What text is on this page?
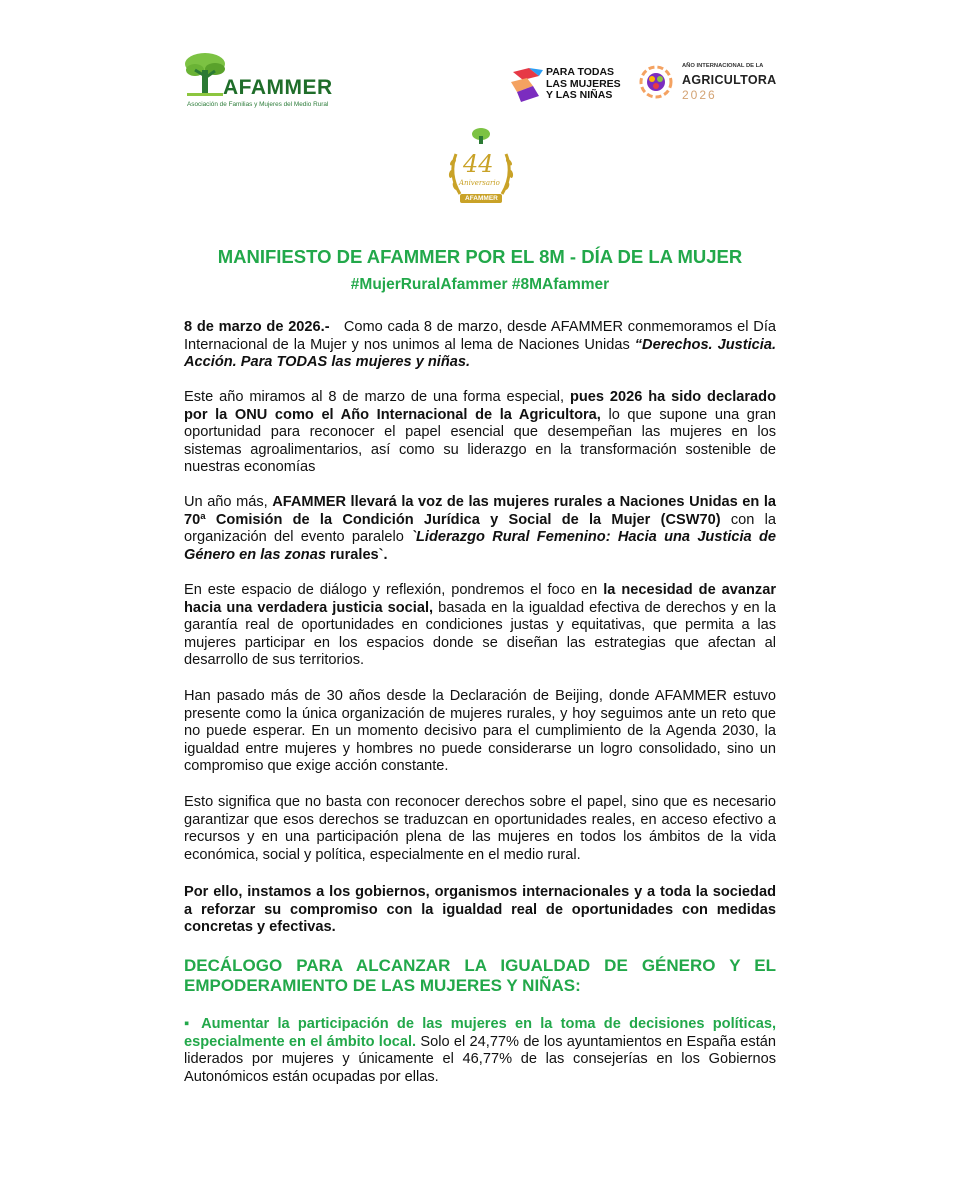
AFAMMER
Asociación de Familias y Mujeres del Medio Rural
PARA TODAS
LAS MUJERES
Y LAS NIÑAS
AÑO INTERNACIONAL DE LA
AGRICULTORA
2026
44
Aniversario
AFAMMER
MANIFIESTO DE AFAMMER POR EL 8M - DÍA DE LA MUJER
#MujerRuralAfammer #8MAfammer
8 de marzo de 2026.-   Como cada 8 de marzo, desde AFAMMER conmemoramos el Día Internacional de la Mujer y nos unimos al lema de Naciones Unidas “Derechos. Justicia. Acción. Para TODAS las mujeres y niñas.
Este año miramos al 8 de marzo de una forma especial, pues 2026 ha sido declarado por la ONU como el Año Internacional de la Agricultora, lo que supone una gran oportunidad para reconocer el papel esencial que desempeñan las mujeres en los sistemas agroalimentarios, así como su liderazgo en la transformación sostenible de nuestras economías
Un año más, AFAMMER llevará la voz de las mujeres rurales a Naciones Unidas en la 70ª Comisión de la Condición Jurídica y Social de la Mujer (CSW70) con la organización del evento paralelo `Liderazgo Rural Femenino: Hacia una Justicia de Género en las zonas rurales`.
En este espacio de diálogo y reflexión, pondremos el foco en la necesidad de avanzar hacia una verdadera justicia social, basada en la igualdad efectiva de derechos y en la garantía real de oportunidades en condiciones justas y equitativas, que permita a las mujeres participar en los espacios donde se diseñan las estrategias que afectan al desarrollo de sus territorios.
Han pasado más de 30 años desde la Declaración de Beijing, donde AFAMMER estuvo presente como la única organización de mujeres rurales, y hoy seguimos ante un reto que no puede esperar. En un momento decisivo para el cumplimiento de la Agenda 2030, la igualdad entre mujeres y hombres no puede considerarse un logro consolidado, sino un compromiso que exige acción constante.
Esto significa que no basta con reconocer derechos sobre el papel, sino que es necesario garantizar que esos derechos se traduzcan en oportunidades reales, en acceso efectivo a recursos y en una participación plena de las mujeres en todos los ámbitos de la vida económica, social y política, especialmente en el medio rural.
Por ello, instamos a los gobiernos, organismos internacionales y a toda la sociedad a reforzar su compromiso con la igualdad real de oportunidades con medidas concretas y efectivas.
DECÁLOGO PARA ALCANZAR LA IGUALDAD DE GÉNERO Y EL EMPODERAMIENTO DE LAS MUJERES Y NIÑAS:
▪ Aumentar la participación de las mujeres en la toma de decisiones políticas, especialmente en el ámbito local. Solo el 24,77% de los ayuntamientos en España están liderados por mujeres y únicamente el 46,77% de las consejerías en los Gobiernos Autonómicos están ocupadas por ellas.
